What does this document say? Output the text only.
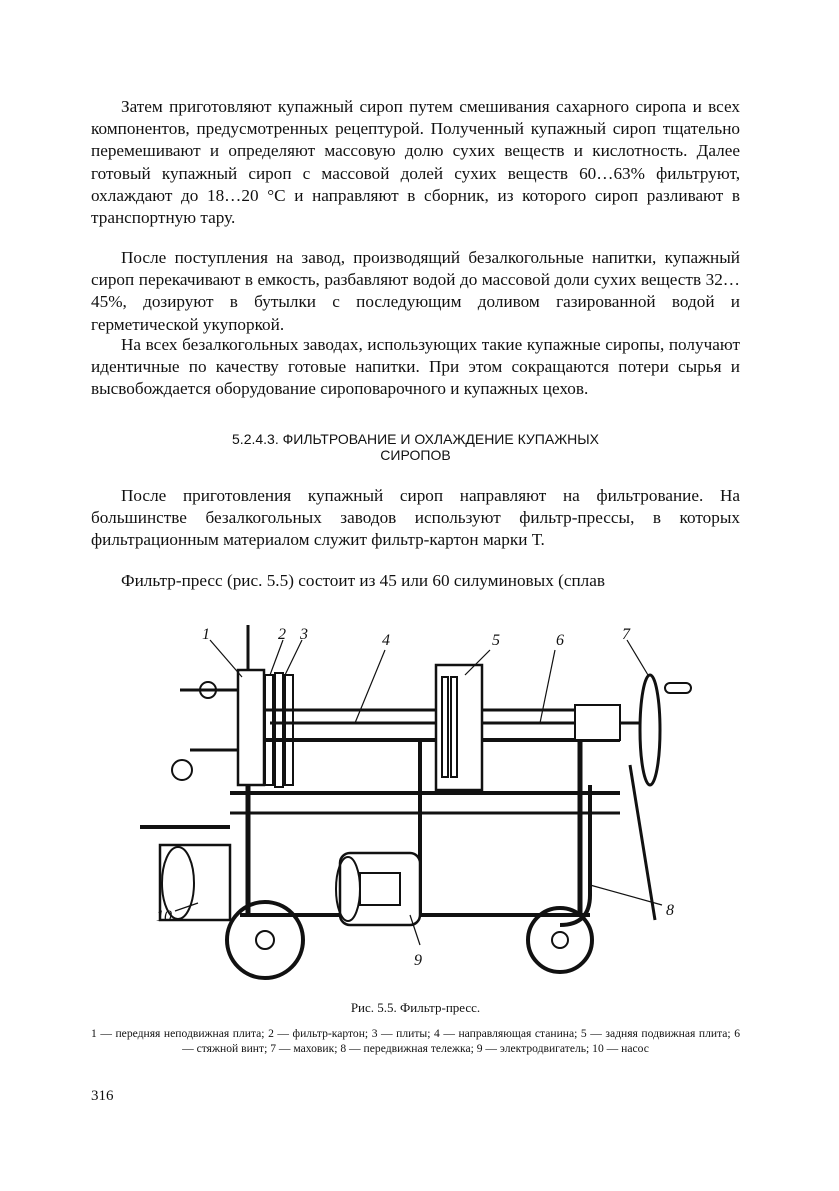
Затем приготовляют купажный сироп путем смешивания сахарного сиропа и всех компонентов, предусмотренных рецептурой. Полученный купажный сироп тщательно перемешивают и определяют массовую долю сухих веществ и кислотность. Далее готовый купажный сироп с массовой долей сухих веществ 60…63% фильтруют, охлаждают до 18…20 °С и направляют в сборник, из которого сироп разливают в транспортную тару.

После поступления на завод, производящий безалкогольные напитки, купажный сироп перекачивают в емкость, разбавляют водой до массовой доли сухих веществ 32…45%, дозируют в бутылки с последующим доливом газированной водой и герметической укупоркой.

На всех безалкогольных заводах, использующих такие купажные сиропы, получают идентичные по качеству готовые напитки. При этом сокращаются потери сырья и высвобождается оборудование сироповарочного и купажных цехов.

5.2.4.3. ФИЛЬТРОВАНИЕ И ОХЛАЖДЕНИЕ КУПАЖНЫХ
СИРОПОВ

После приготовления купажный сироп направляют на фильтрование. На большинстве безалкогольных заводов используют фильтр-прессы, в которых фильтрационным материалом служит фильтр-картон марки Т.

Фильтр-пресс (рис. 5.5) состоит из 45 или 60 силуминовых (сплав

1	2 3	4	5	6	7
8
9
10

Рис. 5.5. Фильтр-пресс.

1 — передняя неподвижная плита; 2 — фильтр-картон; 3 — плиты; 4 — направляющая станина; 5 — задняя подвижная плита; 6 — стяжной винт; 7 — маховик; 8 — передвижная тележка; 9 — электродвигатель; 10 — насос

316
